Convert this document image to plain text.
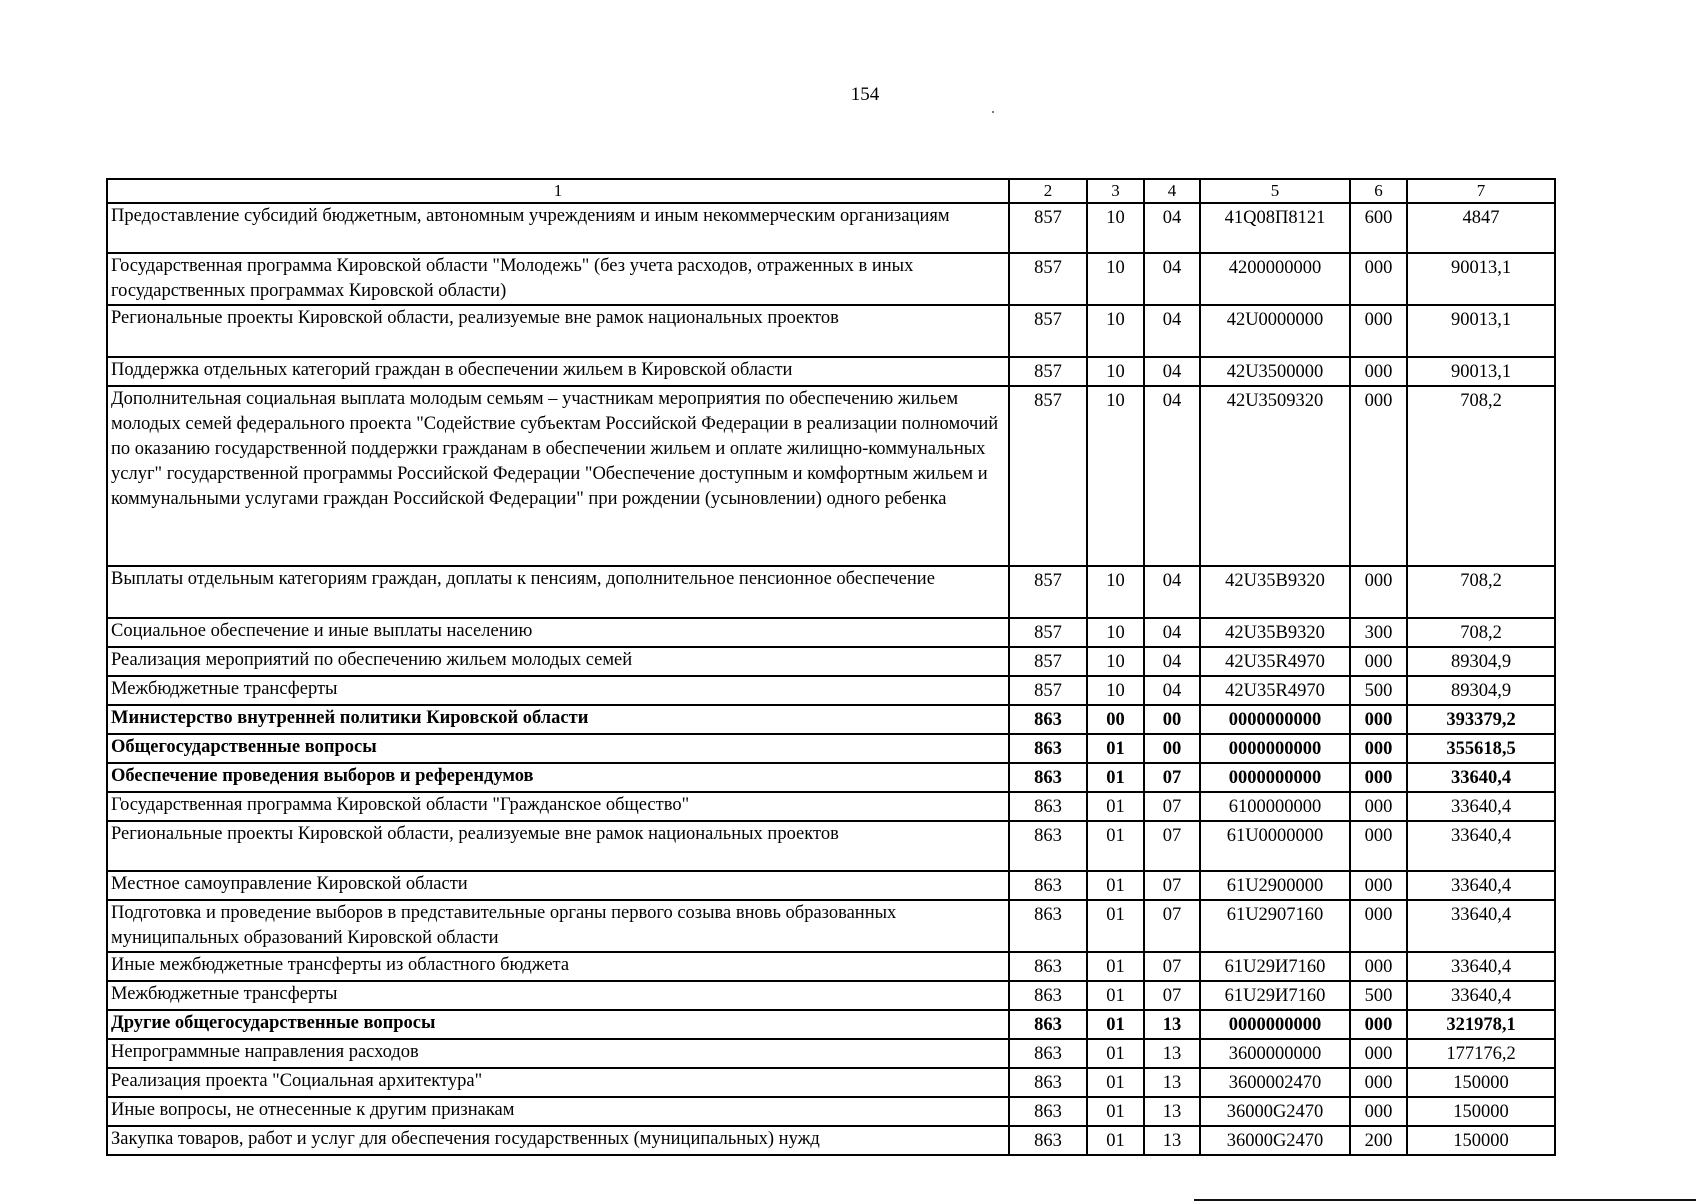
154
1	2	3	4	5	6	7
Предоставление субсидий бюджетным, автономным учреждениям и иным некоммерческим организациям	857	10	04	41Q08П8121	600	4847
Государственная программа Кировской области "Молодежь" (без учета расходов, отраженных в иных государственных программах Кировской области)	857	10	04	4200000000	000	90013,1
Региональные проекты Кировской области, реализуемые вне рамок национальных проектов	857	10	04	42U0000000	000	90013,1
Поддержка отдельных категорий граждан в обеспечении жильем в Кировской области	857	10	04	42U3500000	000	90013,1
Дополнительная социальная выплата молодым семьям – участникам мероприятия по обеспечению жильем молодых семей федерального проекта "Содействие субъектам Российской Федерации в реализации полномочий по оказанию государственной поддержки гражданам в обеспечении жильем и оплате жилищно-коммунальных услуг" государственной программы Российской Федерации "Обеспечение доступным и комфортным жильем и коммунальными услугами граждан Российской Федерации" при рождении (усыновлении) одного ребенка	857	10	04	42U3509320	000	708,2
Выплаты отдельным категориям граждан, доплаты к пенсиям, дополнительное пенсионное обеспечение	857	10	04	42U35B9320	000	708,2
Социальное обеспечение и иные выплаты населению	857	10	04	42U35B9320	300	708,2
Реализация мероприятий по обеспечению жильем молодых семей	857	10	04	42U35R4970	000	89304,9
Межбюджетные трансферты	857	10	04	42U35R4970	500	89304,9
Министерство внутренней политики Кировской области	863	00	00	0000000000	000	393379,2
Общегосударственные вопросы	863	01	00	0000000000	000	355618,5
Обеспечение проведения выборов и референдумов	863	01	07	0000000000	000	33640,4
Государственная программа Кировской области "Гражданское общество"	863	01	07	6100000000	000	33640,4
Региональные проекты Кировской области, реализуемые вне рамок национальных проектов	863	01	07	61U0000000	000	33640,4
Местное самоуправление Кировской области	863	01	07	61U2900000	000	33640,4
Подготовка и проведение выборов в представительные органы первого созыва вновь образованных муниципальных образований Кировской области	863	01	07	61U2907160	000	33640,4
Иные межбюджетные трансферты из областного бюджета	863	01	07	61U29И7160	000	33640,4
Межбюджетные трансферты	863	01	07	61U29И7160	500	33640,4
Другие общегосударственные вопросы	863	01	13	0000000000	000	321978,1
Непрограммные направления расходов	863	01	13	3600000000	000	177176,2
Реализация проекта "Социальная архитектура"	863	01	13	3600002470	000	150000
Иные вопросы, не отнесенные к другим признакам	863	01	13	36000G2470	000	150000
Закупка товаров, работ и услуг для обеспечения государственных (муниципальных) нужд	863	01	13	36000G2470	200	150000
